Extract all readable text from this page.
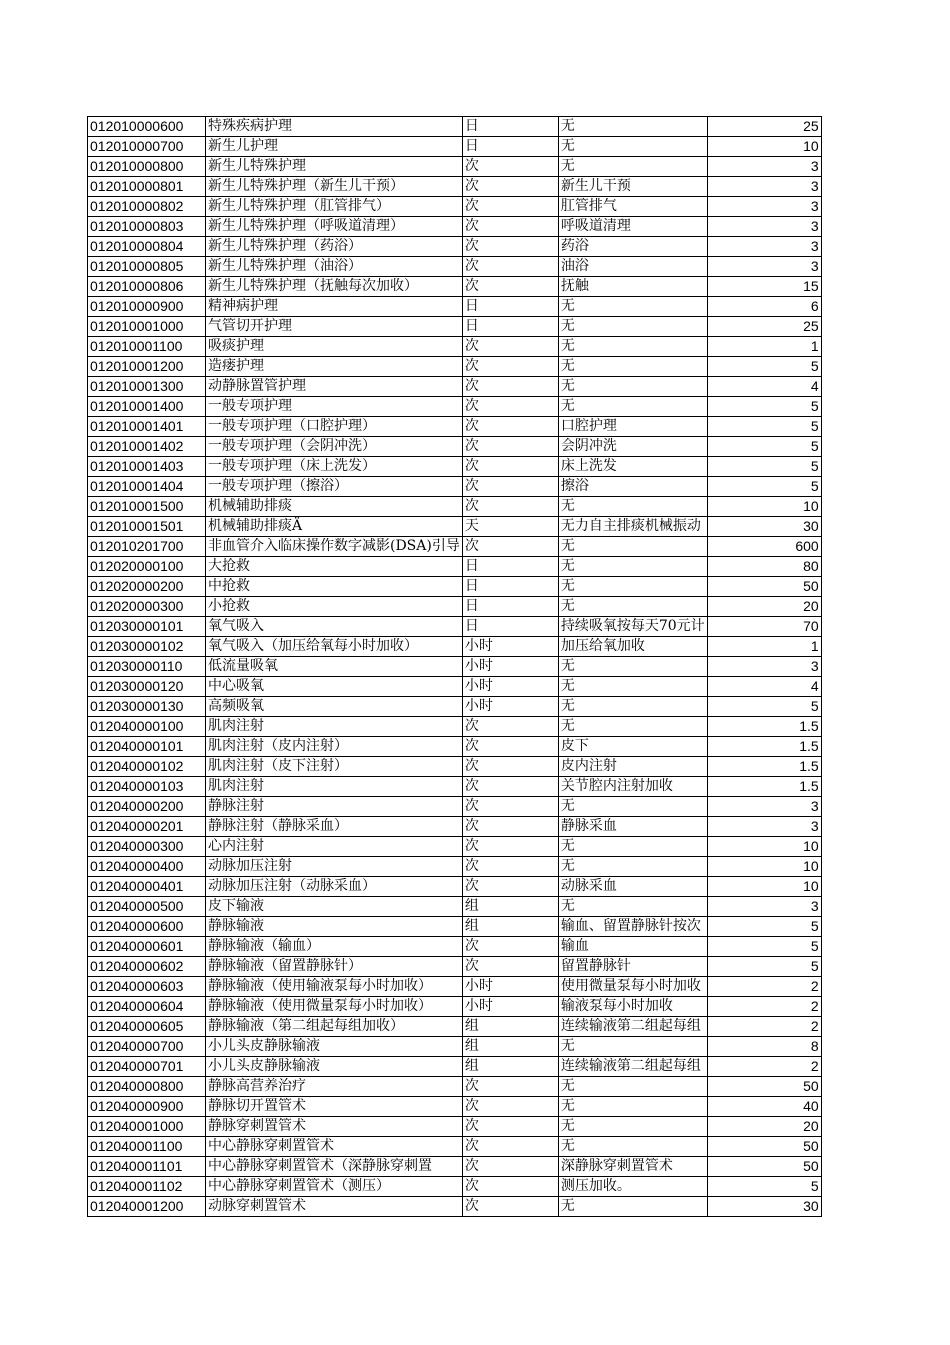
012010000600	特殊疾病护理	日	无	25
012010000700	新生儿护理	日	无	10
012010000800	新生儿特殊护理	次	无	3
012010000801	新生儿特殊护理（新生儿干预）	次	新生儿干预	3
012010000802	新生儿特殊护理（肛管排气）	次	肛管排气	3
012010000803	新生儿特殊护理（呼吸道清理）	次	呼吸道清理	3
012010000804	新生儿特殊护理（药浴）	次	药浴	3
012010000805	新生儿特殊护理（油浴）	次	油浴	3
012010000806	新生儿特殊护理（抚触每次加收）	次	抚触	15
012010000900	精神病护理	日	无	6
012010001000	气管切开护理	日	无	25
012010001100	吸痰护理	次	无	1
012010001200	造瘘护理	次	无	5
012010001300	动静脉置管护理	次	无	4
012010001400	一般专项护理	次	无	5
012010001401	一般专项护理（口腔护理）	次	口腔护理	5
012010001402	一般专项护理（会阴冲洗）	次	会阴冲洗	5
012010001403	一般专项护理（床上洗发）	次	床上洗发	5
012010001404	一般专项护理（擦浴）	次	擦浴	5
012010001500	机械辅助排痰	次	无	10
012010001501	机械辅助排痰Ä	天	无力自主排痰机械振动	30
012010201700	非血管介入临床操作数字减影(DSA)引导	次	无	600
012020000100	大抢救	日	无	80
012020000200	中抢救	日	无	50
012020000300	小抢救	日	无	20
012030000101	氧气吸入	日	持续吸氧按每天70元计	70
012030000102	氧气吸入（加压给氧每小时加收）	小时	加压给氧加收	1
012030000110	低流量吸氧	小时	无	3
012030000120	中心吸氧	小时	无	4
012030000130	高频吸氧	小时	无	5
012040000100	肌肉注射	次	无	1.5
012040000101	肌肉注射（皮内注射）	次	皮下	1.5
012040000102	肌肉注射（皮下注射）	次	皮内注射	1.5
012040000103	肌肉注射	次	关节腔内注射加收	1.5
012040000200	静脉注射	次	无	3
012040000201	静脉注射（静脉采血）	次	静脉采血	3
012040000300	心内注射	次	无	10
012040000400	动脉加压注射	次	无	10
012040000401	动脉加压注射（动脉采血）	次	动脉采血	10
012040000500	皮下输液	组	无	3
012040000600	静脉输液	组	输血、留置静脉针按次	5
012040000601	静脉输液（输血）	次	输血	5
012040000602	静脉输液（留置静脉针）	次	留置静脉针	5
012040000603	静脉输液（使用输液泵每小时加收）	小时	使用微量泵每小时加收	2
012040000604	静脉输液（使用微量泵每小时加收）	小时	输液泵每小时加收	2
012040000605	静脉输液（第二组起每组加收）	组	连续输液第二组起每组	2
012040000700	小儿头皮静脉输液	组	无	8
012040000701	小儿头皮静脉输液	组	连续输液第二组起每组	2
012040000800	静脉高营养治疗	次	无	50
012040000900	静脉切开置管术	次	无	40
012040001000	静脉穿刺置管术	次	无	20
012040001100	中心静脉穿刺置管术	次	无	50
012040001101	中心静脉穿刺置管术（深静脉穿刺置	次	深静脉穿刺置管术	50
012040001102	中心静脉穿刺置管术（测压）	次	测压加收。	5
012040001200	动脉穿刺置管术	次	无	30
